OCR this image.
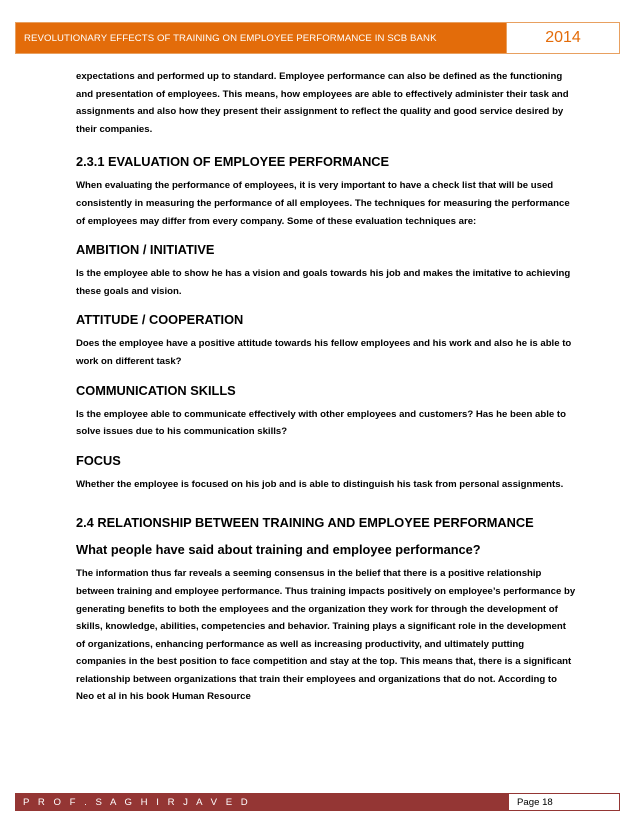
REVOLUTIONARY EFFECTS OF TRAINING ON EMPLOYEE PERFORMANCE IN SCB BANK	2014

expectations and performed up to standard. Employee performance can also be defined as the functioning and presentation of employees. This means, how employees are able to effectively administer their task and assignments and also how they present their assignment to reflect the quality and good service desired by their companies.

2.3.1 EVALUATION OF EMPLOYEE PERFORMANCE

When evaluating the performance of employees, it is very important to have a check list that will be used consistently in measuring the performance of all employees. The techniques for measuring the performance of employees may differ from every company. Some of these evaluation techniques are:

AMBITION / INITIATIVE

Is the employee able to show he has a vision and goals towards his job and makes the imitative to achieving these goals and vision.

ATTITUDE / COOPERATION

Does the employee have a positive attitude towards his fellow employees and his work and also he is able to work on different task?

COMMUNICATION SKILLS

Is the employee able to communicate effectively with other employees and customers? Has he been able to solve issues due to his communication skills?

FOCUS

Whether the employee is focused on his job and is able to distinguish his task from personal assignments.

2.4 RELATIONSHIP BETWEEN TRAINING AND EMPLOYEE PERFORMANCE
What people have said about training and employee performance?

The information thus far reveals a seeming consensus in the belief that there is a positive relationship between training and employee performance. Thus training impacts positively on employee’s performance by generating benefits to both the employees and the organization they work for through the development of skills, knowledge, abilities, competencies and behavior. Training plays a significant role in the development of organizations, enhancing performance as well as increasing productivity, and ultimately putting companies in the best position to face competition and stay at the top. This means that, there is a significant relationship between organizations that train their employees and organizations that do not. According to Neo et al in his book Human Resource

P R O F . S A G H I R J A V E D	Page 18
